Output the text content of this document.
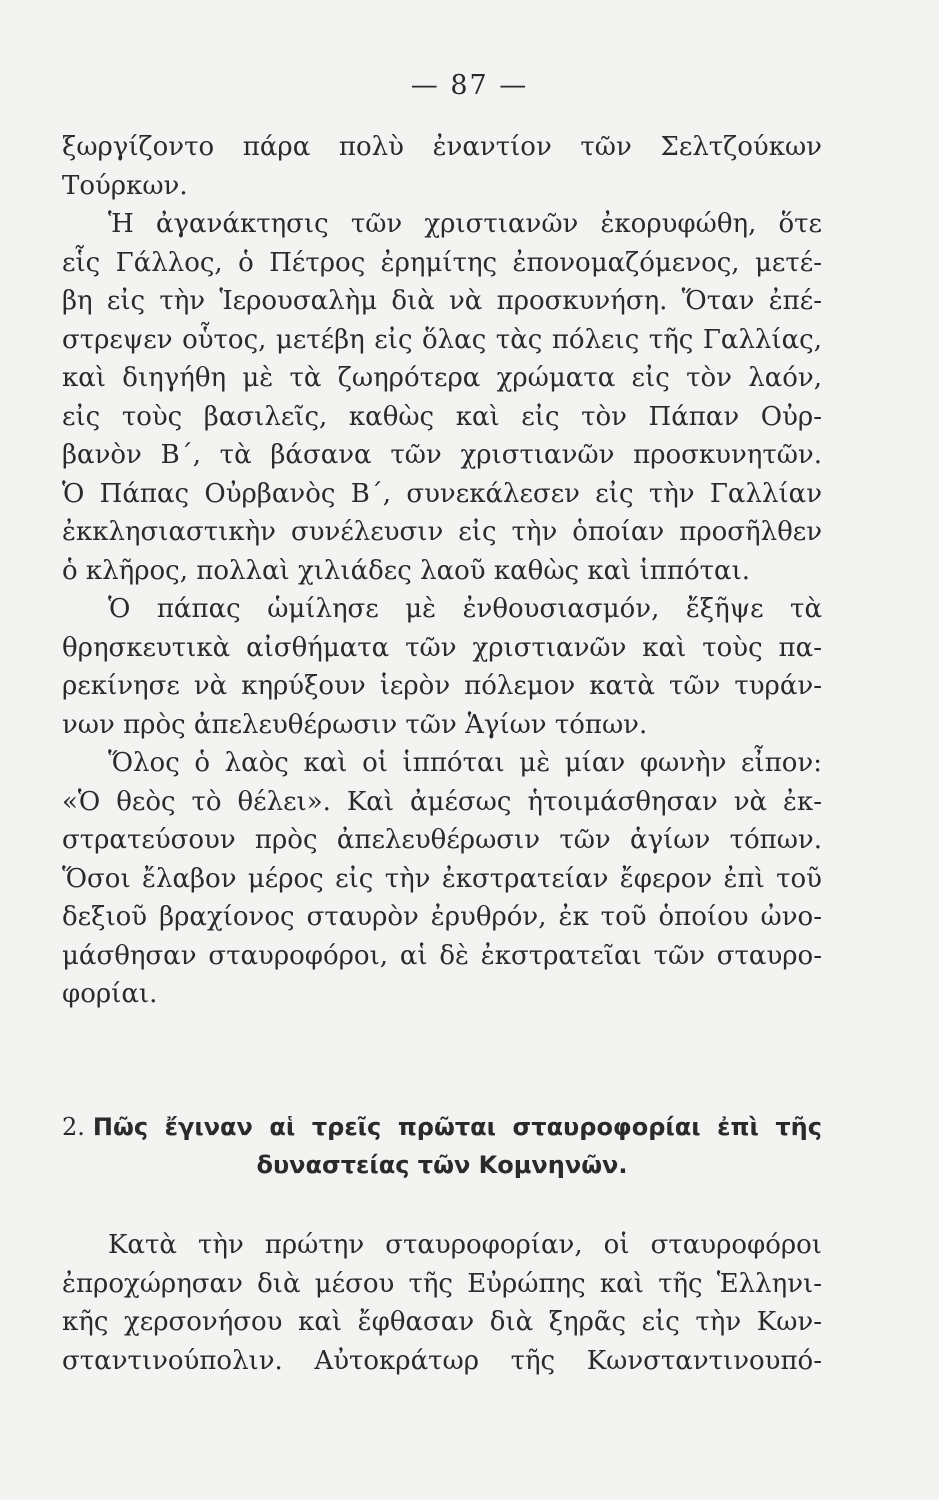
— 87 —
ξωργίζοντο πάρα πολὺ ἐναντίον τῶν Σελτζούκων
Τούρκων.
Ἡ ἀγανάκτησις τῶν χριστιανῶν ἐκορυφώθη, ὅτε
εἷς Γάλλος, ὁ Πέτρος ἐρημίτης ἐπονομαζόμενος, μετέ-
βη εἰς τὴν Ἱερουσαλὴμ διὰ νὰ προσκυνήση. Ὅταν ἐπέ-
στρεψεν οὗτος, μετέβη εἰς ὅλας τὰς πόλεις τῆς Γαλλίας,
καὶ διηγήθη μὲ τὰ ζωηρότερα χρώματα εἰς τὸν λαόν,
εἰς τοὺς βασιλεῖς, καθὼς καὶ εἰς τὸν Πάπαν Οὐρ-
βανὸν Β΄, τὰ βάσανα τῶν χριστιανῶν προσκυνητῶν.
Ὁ Πάπας Οὐρβανὸς Β΄, συνεκάλεσεν εἰς τὴν Γαλλίαν
ἐκκλησιαστικὴν συνέλευσιν εἰς τὴν ὁποίαν προσῆλθεν
ὁ κλῆρος, πολλαὶ χιλιάδες λαοῦ καθὼς καὶ ἱππόται.
Ὁ πάπας ὡμίλησε μὲ ἐνθουσιασμόν, ἔξῆψε τὰ
θρησκευτικὰ αἰσθήματα τῶν χριστιανῶν καὶ τοὺς πα-
ρεκίνησε νὰ κηρύξουν ἱερὸν πόλεμον κατὰ τῶν τυράν-
νων πρὸς ἀπελευθέρωσιν τῶν Ἁγίων τόπων.
Ὅλος ὁ λαὸς καὶ οἱ ἱππόται μὲ μίαν φωνὴν εἶπον:
«Ὁ θεὸς τὸ θέλει». Καὶ ἀμέσως ἡτοιμάσθησαν νὰ ἐκ-
στρατεύσουν πρὸς ἀπελευθέρωσιν τῶν ἁγίων τόπων.
Ὅσοι ἔλαβον μέρος εἰς τὴν ἐκστρατείαν ἔφερον ἐπὶ τοῦ
δεξιοῦ βραχίονος σταυρὸν ἐρυθρόν, ἐκ τοῦ ὁποίου ὠνο-
μάσθησαν σταυροφόροι, αἱ δὲ ἐκστρατεῖαι τῶν σταυρο-
φορίαι.
2. Πῶς ἔγιναν αἱ τρεῖς πρῶται σταυροφορίαι ἐπὶ τῆς
δυναστείας τῶν Κομνηνῶν.
Κατὰ τὴν πρώτην σταυροφορίαν, οἱ σταυροφόροι
ἐπροχώρησαν διὰ μέσου τῆς Εὐρώπης καὶ τῆς Ἑλληνι-
κῆς χερσονήσου καὶ ἔφθασαν διὰ ξηρᾶς εἰς τὴν Κων-
σταντινούπολιν. Αὐτοκράτωρ τῆς Κωνσταντινουπό-
